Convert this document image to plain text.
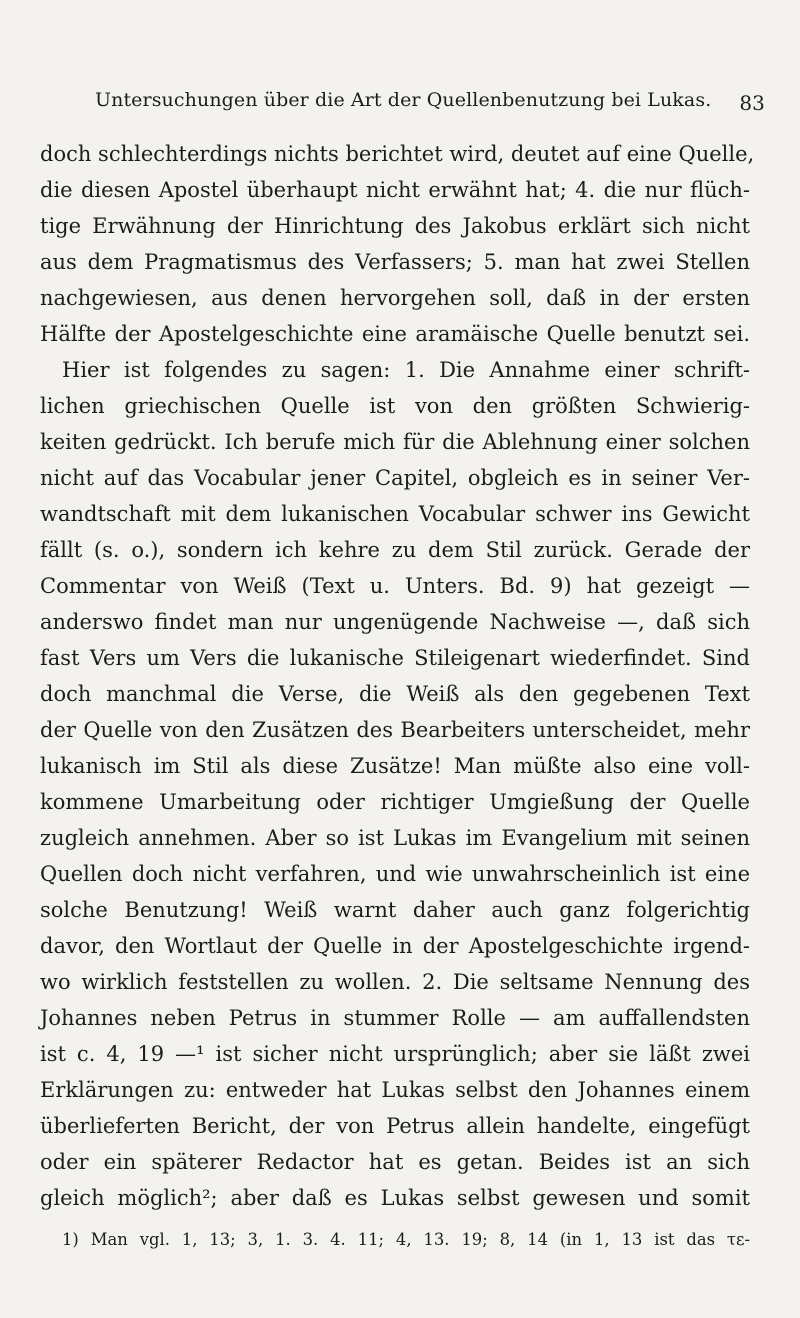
Untersuchungen über die Art der Quellenbenutzung bei Lukas. 83
doch schlechterdings nichts berichtet wird, deutet auf eine Quelle,
die diesen Apostel überhaupt nicht erwähnt hat; 4. die nur flüch-
tige Erwähnung der Hinrichtung des Jakobus erklärt sich nicht
aus dem Pragmatismus des Verfassers; 5. man hat zwei Stellen
nachgewiesen, aus denen hervorgehen soll, daß in der ersten
Hälfte der Apostelgeschichte eine aramäische Quelle benutzt sei.
Hier ist folgendes zu sagen: 1. Die Annahme einer schrift-
lichen griechischen Quelle ist von den größten Schwierig-
keiten gedrückt. Ich berufe mich für die Ablehnung einer solchen
nicht auf das Vocabular jener Capitel, obgleich es in seiner Ver-
wandtschaft mit dem lukanischen Vocabular schwer ins Gewicht
fällt (s. o.), sondern ich kehre zu dem Stil zurück. Gerade der
Commentar von Weiß (Text u. Unters. Bd. 9) hat gezeigt —
anderswo findet man nur ungenügende Nachweise —, daß sich
fast Vers um Vers die lukanische Stileigenart wiederfindet. Sind
doch manchmal die Verse, die Weiß als den gegebenen Text
der Quelle von den Zusätzen des Bearbeiters unterscheidet, mehr
lukanisch im Stil als diese Zusätze! Man müßte also eine voll-
kommene Umarbeitung oder richtiger Umgießung der Quelle
zugleich annehmen. Aber so ist Lukas im Evangelium mit seinen
Quellen doch nicht verfahren, und wie unwahrscheinlich ist eine
solche Benutzung! Weiß warnt daher auch ganz folgerichtig
davor, den Wortlaut der Quelle in der Apostelgeschichte irgend-
wo wirklich feststellen zu wollen. 2. Die seltsame Nennung des
Johannes neben Petrus in stummer Rolle — am auffallendsten
ist c. 4, 19 —¹ ist sicher nicht ursprünglich; aber sie läßt zwei
Erklärungen zu: entweder hat Lukas selbst den Johannes einem
überlieferten Bericht, der von Petrus allein handelte, eingefügt
oder ein späterer Redactor hat es getan. Beides ist an sich
gleich möglich²; aber daß es Lukas selbst gewesen und somit
1) Man vgl. 1, 13; 3, 1. 3. 4. 11; 4, 13. 19; 8, 14 (in 1, 13 ist das τε-
